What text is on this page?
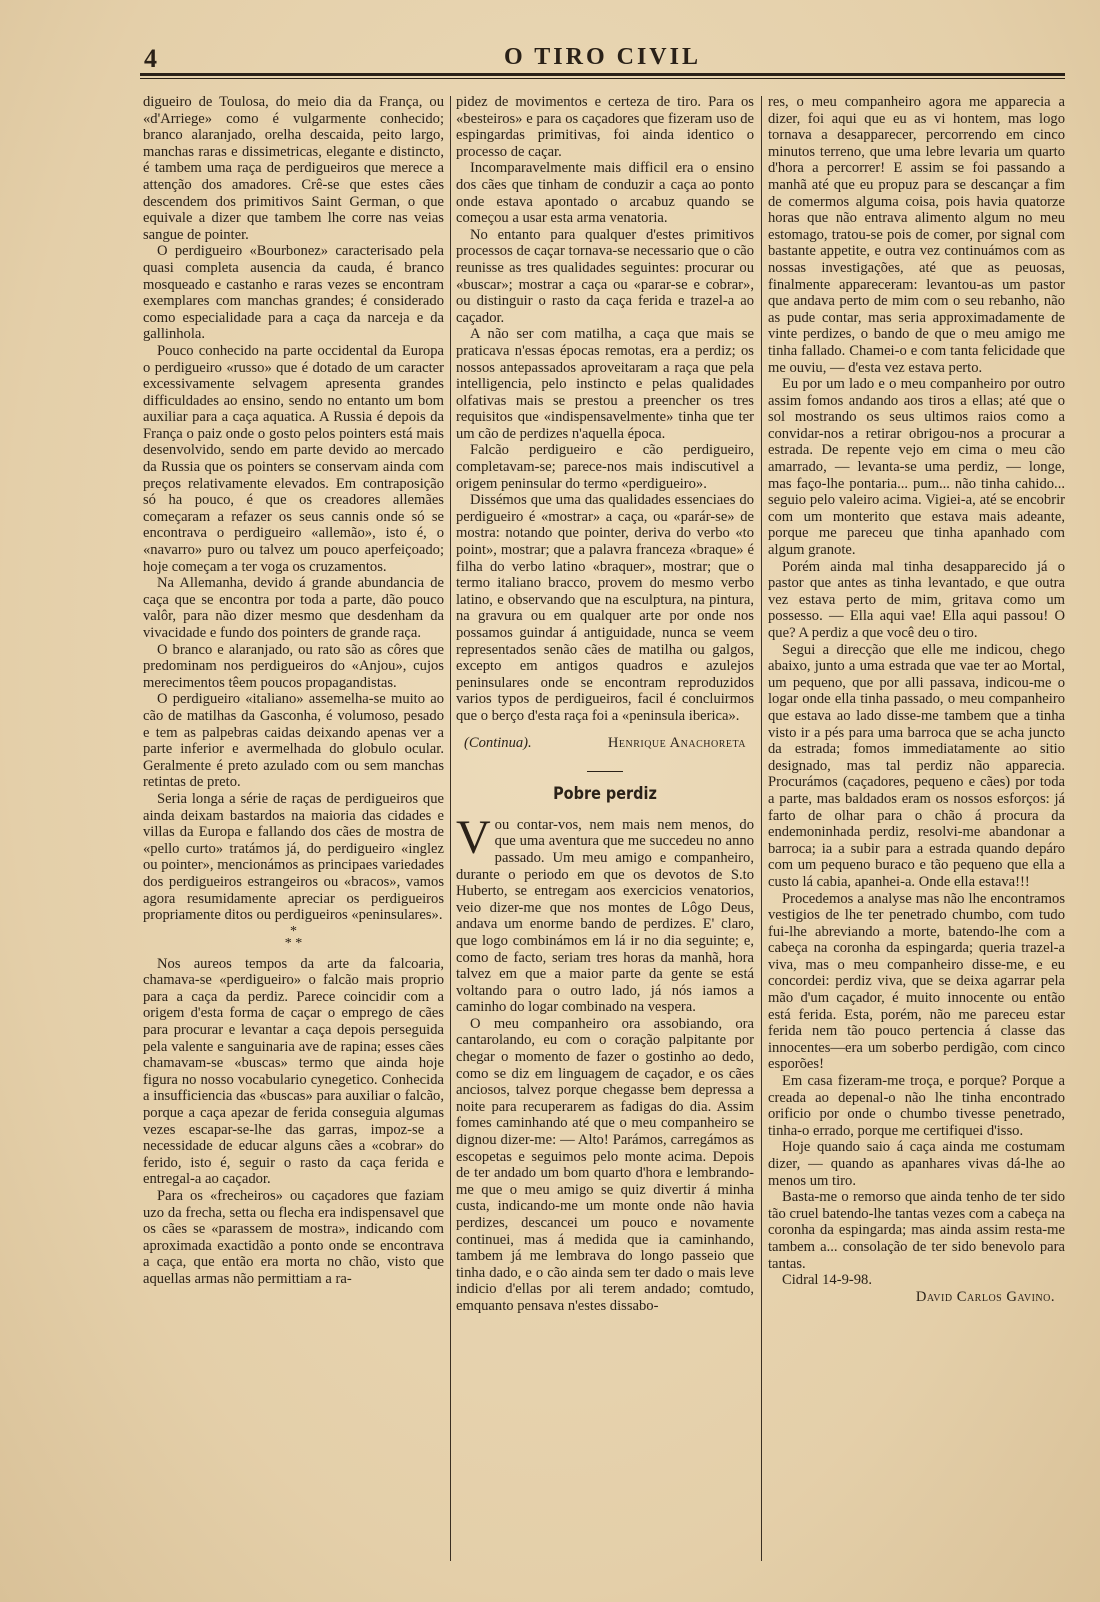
4	O TIRO CIVIL

digueiro de Toulosa, do meio dia da França, ou «d'Arriege» como é vulgarmente conhecido; branco alaranjado, orelha descaida, peito largo, manchas raras e dissimetricas, elegante e distincto, é tambem uma raça de perdigueiros que merece a attenção dos amadores. Crê-se que estes cães descendem dos primitivos Saint German, o que equivale a dizer que tambem lhe corre nas veias sangue de pointer.

O perdigueiro «Bourbonez» caracterisado pela quasi completa ausencia da cauda, é branco mosqueado e castanho e raras vezes se encontram exemplares com manchas grandes; é considerado como especialidade para a caça da narceja e da gallinhola.

Pouco conhecido na parte occidental da Europa o perdigueiro «russo» que é dotado de um caracter excessivamente selvagem apresenta grandes difficuldades ao ensino, sendo no entanto um bom auxiliar para a caça aquatica. A Russia é depois da França o paiz onde o gosto pelos pointers está mais desenvolvido, sendo em parte devido ao mercado da Russia que os pointers se conservam ainda com preços relativamente elevados. Em contraposição só ha pouco, é que os creadores allemães começaram a refazer os seus cannis onde só se encontrava o perdigueiro «allemão», isto é, o «navarro» puro ou talvez um pouco aperfeiçoado; hoje começam a ter voga os cruzamentos.

Na Allemanha, devido á grande abundancia de caça que se encontra por toda a parte, dão pouco valôr, para não dizer mesmo que desdenham da vivacidade e fundo dos pointers de grande raça.

O branco e alaranjado, ou rato são as côres que predominam nos perdigueiros do «Anjou», cujos merecimentos têem poucos propagandistas.

O perdigueiro «italiano» assemelha-se muito ao cão de matilhas da Gasconha, é volumoso, pesado e tem as palpebras caidas deixando apenas ver a parte inferior e avermelhada do globulo ocular. Geralmente é preto azulado com ou sem manchas retintas de preto.

Seria longa a série de raças de perdigueiros que ainda deixam bastardos na maioria das cidades e villas da Europa e fallando dos cães de mostra de «pello curto» tratámos já, do perdigueiro «inglez ou pointer», mencionámos as principaes variedades dos perdigueiros estrangeiros ou «bracos», vamos agora resumidamente apreciar os perdigueiros propriamente ditos ou perdigueiros «peninsulares».

*
* *

Nos aureos tempos da arte da falcoaria, chamava-se «perdigueiro» o falcão mais proprio para a caça da perdiz. Parece coincidir com a origem d'esta forma de caçar o emprego de cães para procurar e levantar a caça depois perseguida pela valente e sanguinaria ave de rapina; esses cães chamavam-se «buscas» termo que ainda hoje figura no nosso vocabulario cynegetico. Conhecida a insufficiencia das «buscas» para auxiliar o falcão, porque a caça apezar de ferida conseguia algumas vezes escapar-se-lhe das garras, impoz-se a necessidade de educar alguns cães a «cobrar» do ferido, isto é, seguir o rasto da caça ferida e entregal-a ao caçador.

Para os «frecheiros» ou caçadores que faziam uzo da frecha, setta ou flecha era indispensavel que os cães se «parassem de mostra», indicando com aproximada exactidão a ponto onde se encontrava a caça, que então era morta no chão, visto que aquellas armas não permittiam a ra-

pidez de movimentos e certeza de tiro. Para os «besteiros» e para os caçadores que fizeram uso de espingardas primitivas, foi ainda identico o processo de caçar.

Incomparavelmente mais difficil era o ensino dos cães que tinham de conduzir a caça ao ponto onde estava apontado o arcabuz quando se começou a usar esta arma venatoria.

No entanto para qualquer d'estes primitivos processos de caçar tornava-se necessario que o cão reunisse as tres qualidades seguintes: procurar ou «buscar»; mostrar a caça ou «parar-se e cobrar», ou distinguir o rasto da caça ferida e trazel-a ao caçador.

A não ser com matilha, a caça que mais se praticava n'essas épocas remotas, era a perdiz; os nossos antepassados aproveitaram a raça que pela intelligencia, pelo instincto e pelas qualidades olfativas mais se prestou a preencher os tres requisitos que «indispensavelmente» tinha que ter um cão de perdizes n'aquella época.

Falcão perdigueiro e cão perdigueiro, completavam-se; parece-nos mais indiscutivel a origem peninsular do termo «perdigueiro».

Dissémos que uma das qualidades essenciaes do perdigueiro é «mostrar» a caça, ou «parár-se» de mostra: notando que pointer, deriva do verbo «to point», mostrar; que a palavra franceza «braque» é filha do verbo latino «braquer», mostrar; que o termo italiano bracco, provem do mesmo verbo latino, e observando que na esculptura, na pintura, na gravura ou em qualquer arte por onde nos possamos guindar á antiguidade, nunca se veem representados senão cães de matilha ou galgos, excepto em antigos quadros e azulejos peninsulares onde se encontram reproduzidos varios typos de perdigueiros, facil é concluirmos que o berço d'esta raça foi a «peninsula iberica».

(Continua).	Henrique Anachoreta
Pobre perdiz
V ou contar-vos, nem mais nem menos, do que uma aventura que me succedeu no anno passado. Um meu amigo e companheiro, durante o periodo em que os devotos de S.to Huberto, se entregam aos exercicios venatorios, veio dizer-me que nos montes de Lôgo Deus, andava um enorme bando de perdizes. E' claro, que logo combinámos em lá ir no dia seguinte; e, como de facto, seriam tres horas da manhã, hora talvez em que a maior parte da gente se está voltando para o outro lado, já nós iamos a caminho do logar combinado na vespera.

O meu companheiro ora assobiando, ora cantarolando, eu com o coração palpitante por chegar o momento de fazer o gostinho ao dedo, como se diz em linguagem de caçador, e os cães anciosos, talvez porque chegasse bem depressa a noite para recuperarem as fadigas do dia. Assim fomes caminhando até que o meu companheiro se dignou dizer-me: — Alto! Parámos, carregámos as escopetas e seguimos pelo monte acima. Depois de ter andado um bom quarto d'hora e lembrando-me que o meu amigo se quiz divertir á minha custa, indicando-me um monte onde não havia perdizes, descancei um pouco e novamente continuei, mas á medida que ia caminhando, tambem já me lembrava do longo passeio que tinha dado, e o cão ainda sem ter dado o mais leve indicio d'ellas por ali terem andado; comtudo, emquanto pensava n'estes dissabo-

res, o meu companheiro agora me apparecia a dizer, foi aqui que eu as vi hontem, mas logo tornava a desapparecer, percorrendo em cinco minutos terreno, que uma lebre levaria um quarto d'hora a percorrer! E assim se foi passando a manhã até que eu propuz para se descançar a fim de comermos alguma coisa, pois havia quatorze horas que não entrava alimento algum no meu estomago, tratou-se pois de comer, por signal com bastante appetite, e outra vez continuámos com as nossas investigações, até que as peuosas, finalmente appareceram: levantou-as um pastor que andava perto de mim com o seu rebanho, não as pude contar, mas seria approximadamente de vinte perdizes, o bando de que o meu amigo me tinha fallado. Chamei-o e com tanta felicidade que me ouviu, — d'esta vez estava perto.

Eu por um lado e o meu companheiro por outro assim fomos andando aos tiros a ellas; até que o sol mostrando os seus ultimos raios como a convidar-nos a retirar obrigou-nos a procurar a estrada. De repente vejo em cima o meu cão amarrado, — levanta-se uma perdiz, — longe, mas faço-lhe pontaria... pum... não tinha cahido... seguio pelo valeiro acima. Vigiei-a, até se encobrir com um monterito que estava mais adeante, porque me pareceu que tinha apanhado com algum granote.

Porém ainda mal tinha desapparecido já o pastor que antes as tinha levantado, e que outra vez estava perto de mim, gritava como um possesso. — Ella aqui vae! Ella aqui passou! O que? A perdiz a que você deu o tiro.

Segui a direcção que elle me indicou, chego abaixo, junto a uma estrada que vae ter ao Mortal, um pequeno, que por alli passava, indicou-me o logar onde ella tinha passado, o meu companheiro que estava ao lado disse-me tambem que a tinha visto ir a pés para uma barroca que se acha juncto da estrada; fomos immediatamente ao sitio designado, mas tal perdiz não apparecia. Procurámos (caçadores, pequeno e cães) por toda a parte, mas baldados eram os nossos esforços: já farto de olhar para o chão á procura da endemoninhada perdiz, resolvi-me abandonar a barroca; ia a subir para a estrada quando depáro com um pequeno buraco e tão pequeno que ella a custo lá cabia, apanhei-a. Onde ella estava!!!

Procedemos a analyse mas não lhe encontramos vestigios de lhe ter penetrado chumbo, com tudo fui-lhe abreviando a morte, batendo-lhe com a cabeça na coronha da espingarda; queria trazel-a viva, mas o meu companheiro disse-me, e eu concordei: perdiz viva, que se deixa agarrar pela mão d'um caçador, é muito innocente ou então está ferida. Esta, porém, não me pareceu estar ferida nem tão pouco pertencia á classe das innocentes—era um soberbo perdigão, com cinco esporões!

Em casa fizeram-me troça, e porque? Porque a creada ao depenal-o não lhe tinha encontrado orificio por onde o chumbo tivesse penetrado, tinha-o errado, porque me certifiquei d'isso.

Hoje quando saio á caça ainda me costumam dizer, — quando as apanhares vivas dá-lhe ao menos um tiro.

Basta-me o remorso que ainda tenho de ter sido tão cruel batendo-lhe tantas vezes com a cabeça na coronha da espingarda; mas ainda assim resta-me tambem a... consolação de ter sido benevolo para tantas.

Cidral 14-9-98.

David Carlos Gavino.
